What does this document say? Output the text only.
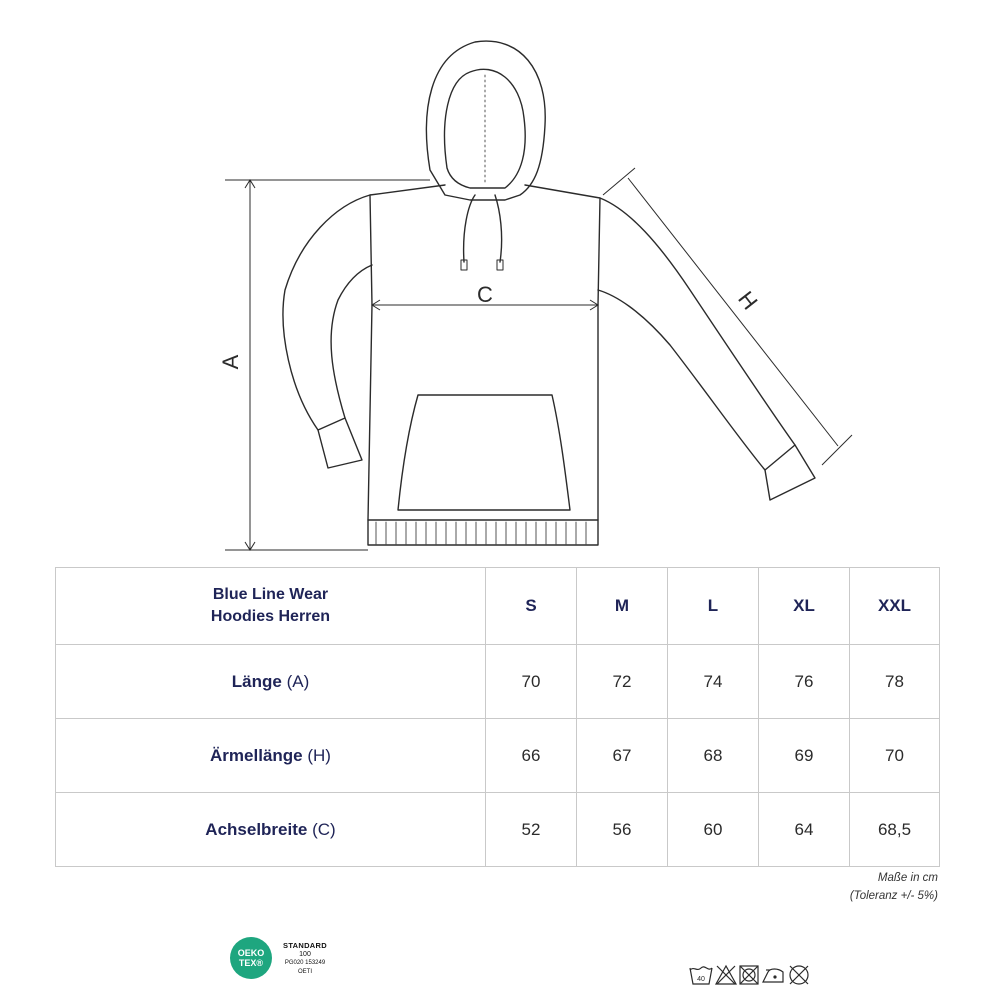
A
C	H
Blue Line Wear
Hoodies Herren	S	M	L	XL	XXL
Länge (A)	70	72	74	76	78
Ärmellänge (H)	66	67	68	69	70
Achselbreite (C)	52	56	60	64	68,5
Maße in cm
(Toleranz +/- 5%)
OEKO
TEX®
STANDARD
100
PG020 153249
OETI
40
